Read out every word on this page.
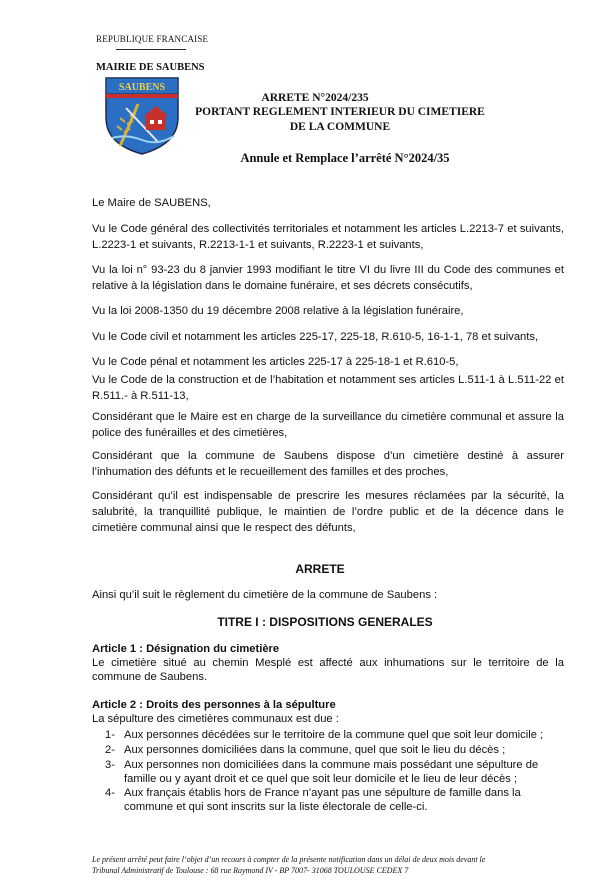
REPUBLIQUE FRANCAISE
MAIRIE DE SAUBENS
SAUBENS
ARRETE N°2024/235
PORTANT REGLEMENT INTERIEUR DU CIMETIERE
DE LA COMMUNE
Annule et Remplace l’arrêté N°2024/35
Le Maire de SAUBENS,
Vu le Code général des collectivités territoriales et notamment les articles L.2213-7 et suivants, L.2223-1 et suivants, R.2213-1-1 et suivants, R.2223-1 et suivants,
Vu la loi n° 93-23 du 8 janvier 1993 modifiant le titre VI du livre III du Code des communes et relative à la législation dans le domaine funéraire, et ses décrets consécutifs,
Vu la loi 2008-1350 du 19 décembre 2008 relative à la législation funéraire,
Vu le Code civil et notamment les articles 225-17, 225-18, R.610-5, 16-1-1, 78 et suivants,
Vu le Code pénal et notamment les articles 225-17 à 225-18-1 et R.610-5,
Vu le Code de la construction et de l’habitation et notamment ses articles L.511-1 à L.511-22 et R.511.- à R.511-13,
Considérant que le Maire est en charge de la surveillance du cimetière communal et assure la police des funérailles et des cimetières,
Considérant que la commune de Saubens dispose d’un cimetière destiné à assurer l’inhumation des défunts et le recueillement des familles et des proches,
Considérant qu’il est indispensable de prescrire les mesures réclamées par la sécurité, la salubrité, la tranquillité publique, le maintien de l’ordre public et de la décence dans le cimetière communal ainsi que le respect des défunts,
ARRETE
Ainsi qu’il suit le règlement du cimetière de la commune de Saubens :
TITRE I : DISPOSITIONS GENERALES
Article 1 : Désignation du cimetière
Le cimetière situé au chemin Mesplé est affecté aux inhumations sur le territoire de la commune de Saubens.
Article 2 : Droits des personnes à la sépulture
La sépulture des cimetières communaux est due :
1- Aux personnes décédées sur le territoire de la commune quel que soit leur domicile ;
2- Aux personnes domiciliées dans la commune, quel que soit le lieu du décès ;
3- Aux personnes non domiciliées dans la commune mais possédant une sépulture de famille ou y ayant droit et ce quel que soit leur domicile et le lieu de leur décès ;
4- Aux français établis hors de France n’ayant pas une sépulture de famille dans la commune et qui sont inscrits sur la liste électorale de celle-ci.
Le présent arrêté peut faire l’objet d’un recours à compter de la présente notification dans un délai de deux mois devant le
Tribunal Administratif de Toulouse : 68 rue Raymond IV - BP 7007- 31068 TOULOUSE CEDEX 7
